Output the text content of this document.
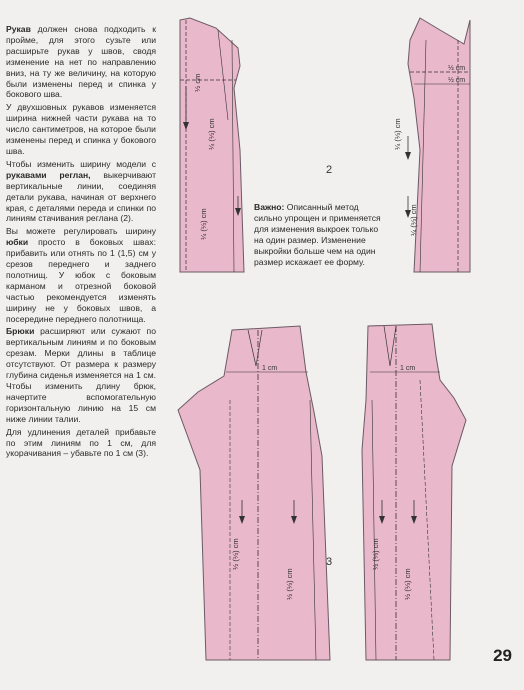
Рукав должен снова подходить к пройме, для этого сузьте или расширьте рукав у швов, сводя изменение на нет по направлению вниз, на ту же величину, на которую были изменены перед и спинка у бокового шва.

У двухшовных рукавов изменяется ширина нижней части рукава на то число сантиметров, на которое были изменены перед и спинка у бокового шва.

Чтобы изменить ширину модели с рукавами реглан, выкерчивают вертикальные линии, соединяя детали рукава, начиная от верхнего края, с деталями переда и спинки по линиям стачивания реглана (2).

Вы можете регулировать ширину юбки просто в боковых швах: прибавить или отнять по 1 (1,5) см у срезов переднего и заднего полотнищ. У юбок с боковым карманом и отрезной боковой частью рекомендуется изменять ширину не у боковых швов, а посередине переднего полотнища.

Брюки расширяют или сужают по вертикальным линиям и по боковым срезам. Мерки длины в таблице отсутствуют. От размера к размеру глубина сиденья изменяется на 1 см. Чтобы изменить длину брюк, начертите вспомогательную горизонтальную линию на 15 см ниже линии талии.

Для удлинения деталей прибавьте по этим линиям по 1 см, для укорачивания – убавьте по 1 см (3).

Важно: Описанный метод сильно упрощен и применяется для изменения выкроек только на один размер. Изменение выкройки больше чем на один размер искажает ее форму.
½ cm
¼ (⅓) cm
¼ (⅓) cm
½ cm
½ cm
¼ (⅓) cm
¼ (⅓) cm
1 cm
½ (⅓) cm
½ (⅓) cm
1 cm
½ (⅓) cm
½ (⅓) cm
2
3
29
